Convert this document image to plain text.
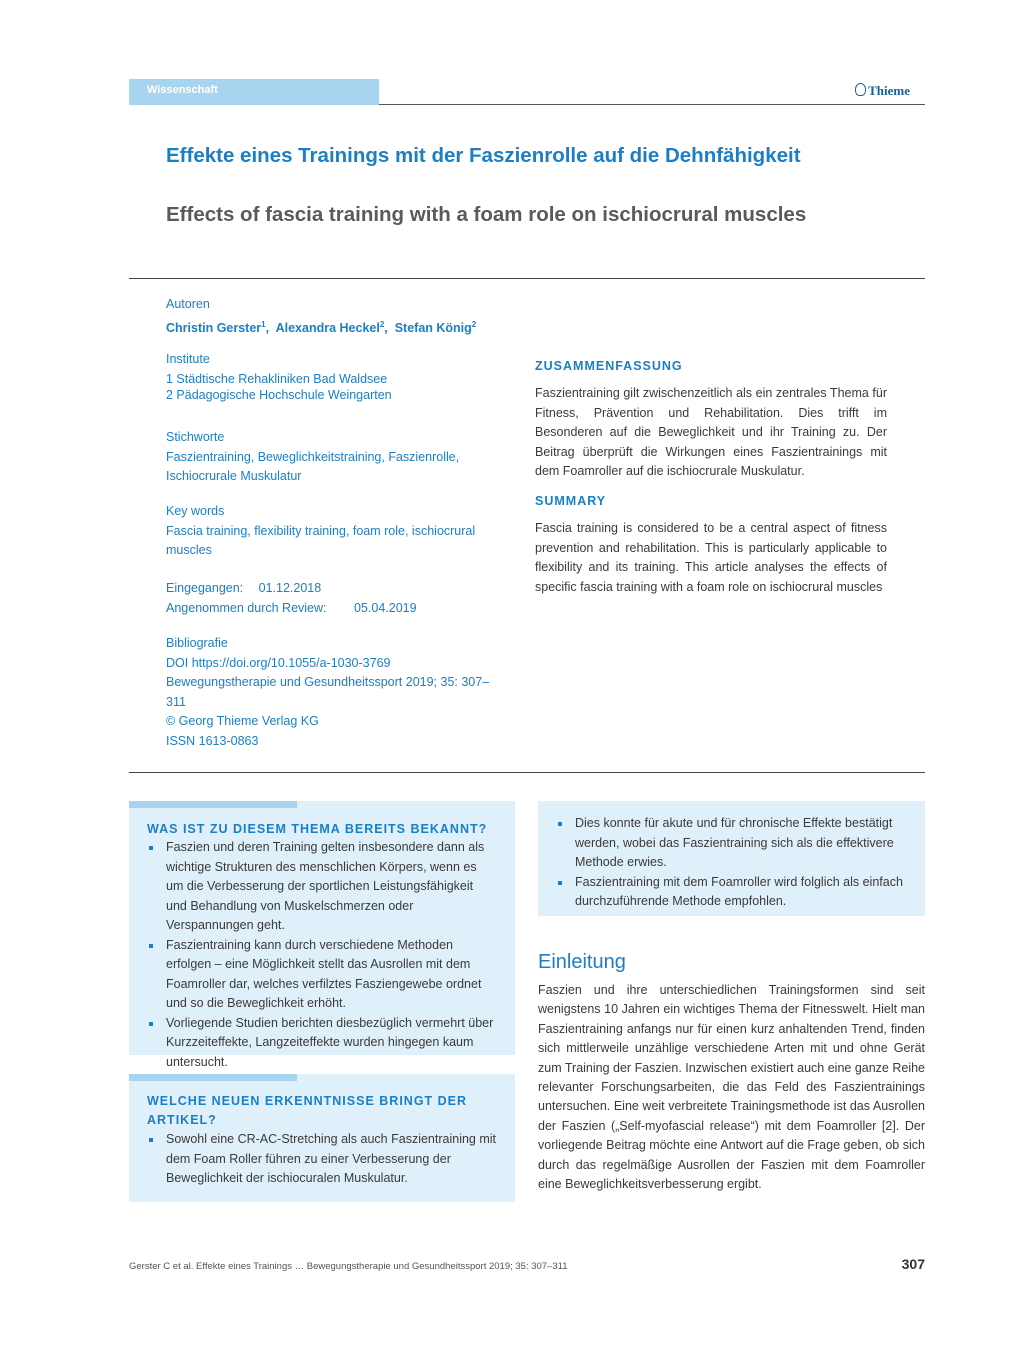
Wissenschaft	Thieme
Effekte eines Trainings mit der Faszienrolle auf die Dehnfähigkeit
Effects of fascia training with a foam role on ischiocrural muscles
Autoren
Christin Gerster$^1$,  Alexandra Heckel$^2$,  Stefan König$^2$
Institute
1 Städtische Rehakliniken Bad Waldsee
2 Pädagogische Hochschule Weingarten
Stichworte
Faszientraining, Beweglichkeitstraining, Faszienrolle,
Ischiocrurale Muskulatur
Key words
Fascia training, flexibility training, foam role, ischiocrural
muscles
Eingegangen: 01.12.2018
Angenommen durch Review: 05.04.2019
Bibliografie
DOI https://doi.org/10.1055/a-1030-3769
Bewegungstherapie und Gesundheitssport 2019; 35: 307–
311
© Georg Thieme Verlag KG
ISSN 1613-0863
ZUSAMMENFASSUNG
Faszientraining gilt zwischenzeitlich als ein zentrales Thema für Fitness, Prävention und Rehabilitation. Dies trifft im Besonderen auf die Beweglichkeit und ihr Training zu. Der Beitrag überprüft die Wirkungen eines Faszientrainings mit dem Foamroller auf die ischiocrurale Muskulatur.
SUMMARY
Fascia training is considered to be a central aspect of fitness prevention and rehabilitation. This is particularly applicable to flexibility and its training. This article analyses the effects of specific fascia training with a foam role on ischiocrural muscles
WAS IST ZU DIESEM THEMA BEREITS BEKANNT?
Faszien und deren Training gelten insbesondere dann als wichtige Strukturen des menschlichen Körpers, wenn es um die Verbesserung der sportlichen Leistungsfähigkeit und Behandlung von Muskelschmerzen oder Verspannungen geht.
Faszientraining kann durch verschiedene Methoden erfolgen – eine Möglichkeit stellt das Ausrollen mit dem Foamroller dar, welches verfilztes Fasziengewebe ordnet und so die Beweglichkeit erhöht.
Vorliegende Studien berichten diesbezüglich vermehrt über Kurzzeiteffekte, Langzeiteffekte wurden hingegen kaum untersucht.
WELCHE NEUEN ERKENNTNISSE BRINGT DER
ARTIKEL?
Sowohl eine CR-AC-Stretching als auch Faszientraining mit dem Foam Roller führen zu einer Verbesserung der Beweglichkeit der ischiocuralen Muskulatur.
Dies konnte für akute und für chronische Effekte bestätigt werden, wobei das Faszientraining sich als die effektivere Methode erwies.
Faszientraining mit dem Foamroller wird folglich als einfach durchzuführende Methode empfohlen.
Einleitung
Faszien und ihre unterschiedlichen Trainingsformen sind seit wenigstens 10 Jahren ein wichtiges Thema der Fitnesswelt. Hielt man Faszientraining anfangs nur für einen kurz anhaltenden Trend, finden sich mittlerweile unzählige verschiedene Arten mit und ohne Gerät zum Training der Faszien. Inzwischen existiert auch eine ganze Reihe relevanter Forschungsarbeiten, die das Feld des Faszientrainings untersuchen. Eine weit verbreitete Trainingsmethode ist das Ausrollen der Faszien („Self-myofascial release“) mit dem Foamroller [2]. Der vorliegende Beitrag möchte eine Antwort auf die Frage geben, ob sich durch das regelmäßige Ausrollen der Faszien mit dem Foamroller eine Beweglichkeitsverbesserung ergibt.
Gerster C et al. Effekte eines Trainings … Bewegungstherapie und Gesundheitssport 2019; 35: 307–311	307
